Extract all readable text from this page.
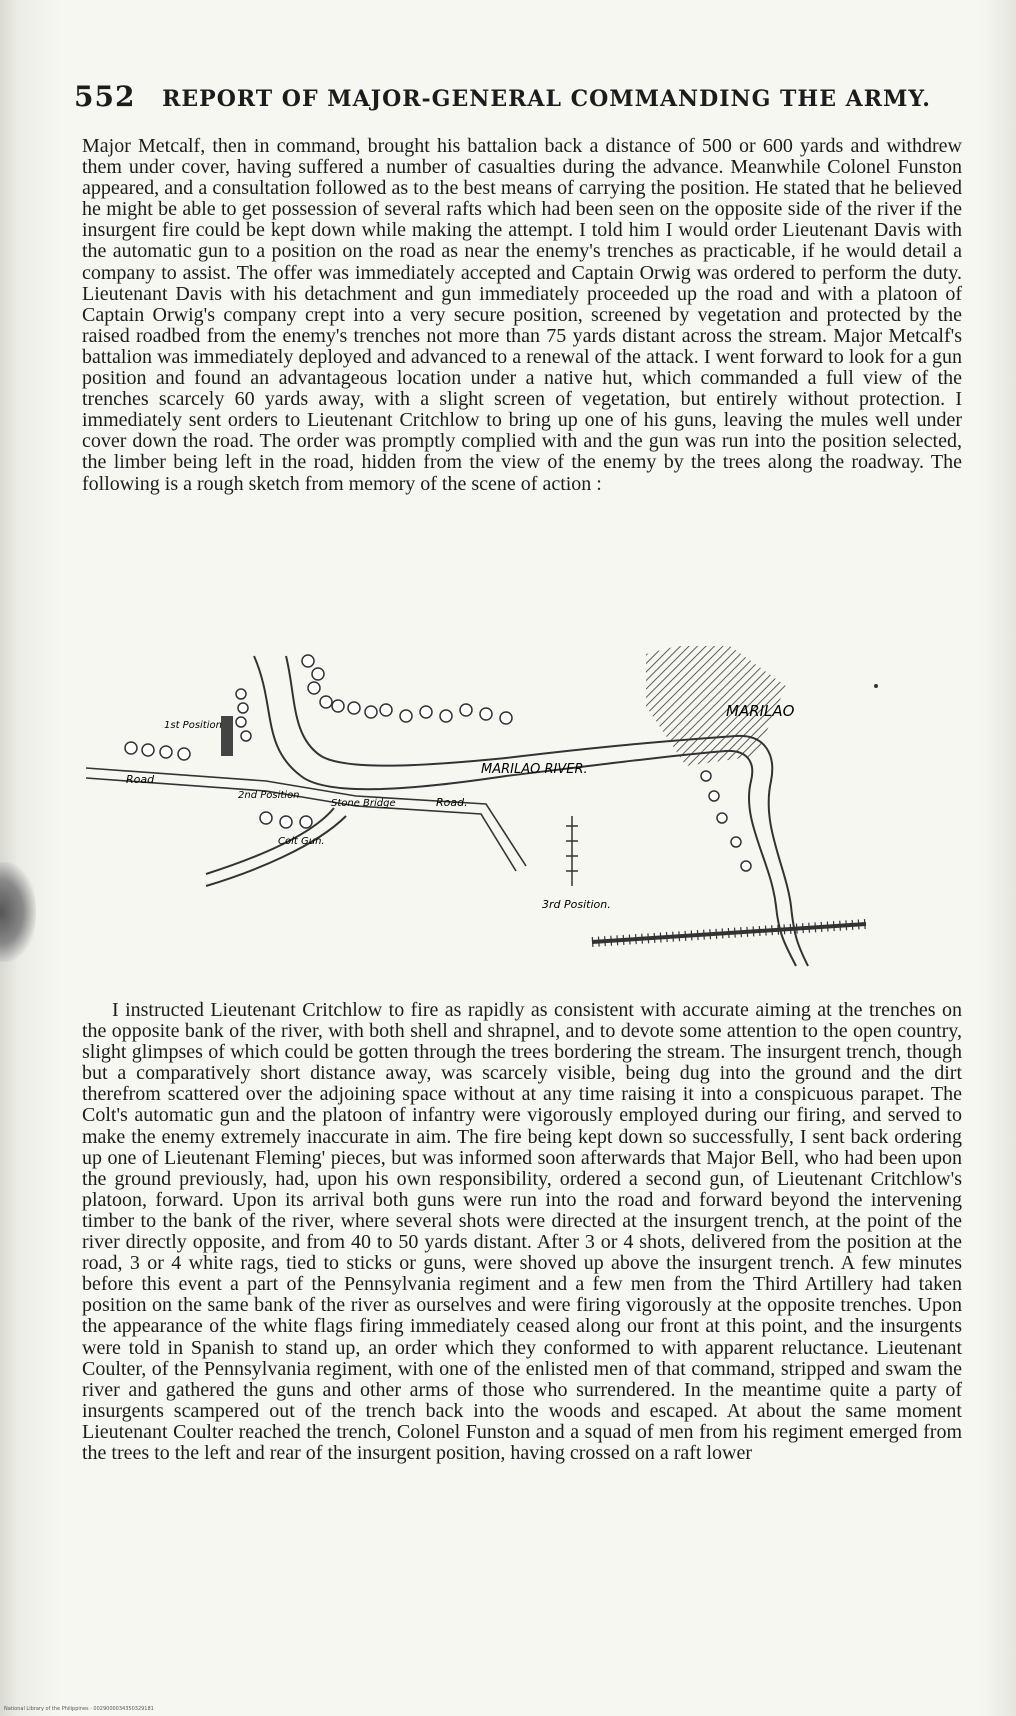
552 REPORT OF MAJOR-GENERAL COMMANDING THE ARMY.
Major Metcalf, then in command, brought his battalion back a distance of 500 or 600 yards and withdrew them under cover, having suffered a number of casualties during the advance. Meanwhile Colonel Funston appeared, and a consultation followed as to the best means of carrying the position. He stated that he believed he might be able to get possession of several rafts which had been seen on the opposite side of the river if the insurgent fire could be kept down while making the attempt. I told him I would order Lieutenant Davis with the automatic gun to a position on the road as near the enemy's trenches as practicable, if he would detail a company to assist. The offer was immediately accepted and Captain Orwig was ordered to perform the duty. Lieutenant Davis with his detachment and gun immediately proceeded up the road and with a platoon of Captain Orwig's company crept into a very secure position, screened by vegetation and protected by the raised roadbed from the enemy's trenches not more than 75 yards distant across the stream. Major Metcalf's battalion was immediately deployed and advanced to a renewal of the attack. I went forward to look for a gun position and found an advantageous location under a native hut, which commanded a full view of the trenches scarcely 60 yards away, with a slight screen of vegetation, but entirely without protection. I immediately sent orders to Lieutenant Critchlow to bring up one of his guns, leaving the mules well under cover down the road. The order was promptly complied with and the gun was run into the position selected, the limber being left in the road, hidden from the view of the enemy by the trees along the roadway. The following is a rough sketch from memory of the scene of action :
MARILAO
MARILAO RIVER.
Road
Road.
Stone Bridge
1st Position
2nd Position
Colt Gun.
3rd Position.
I instructed Lieutenant Critchlow to fire as rapidly as consistent with accurate aiming at the trenches on the opposite bank of the river, with both shell and shrapnel, and to devote some attention to the open country, slight glimpses of which could be gotten through the trees bordering the stream. The insurgent trench, though but a comparatively short distance away, was scarcely visible, being dug into the ground and the dirt therefrom scattered over the adjoining space without at any time raising it into a conspicuous parapet. The Colt's automatic gun and the platoon of infantry were vigorously employed during our firing, and served to make the enemy extremely inaccurate in aim. The fire being kept down so successfully, I sent back ordering up one of Lieutenant Fleming' pieces, but was informed soon afterwards that Major Bell, who had been upon the ground previously, had, upon his own responsibility, ordered a second gun, of Lieutenant Critchlow's platoon, forward. Upon its arrival both guns were run into the road and forward beyond the intervening timber to the bank of the river, where several shots were directed at the insurgent trench, at the point of the river directly opposite, and from 40 to 50 yards distant. After 3 or 4 shots, delivered from the position at the road, 3 or 4 white rags, tied to sticks or guns, were shoved up above the insurgent trench. A few minutes before this event a part of the Pennsylvania regiment and a few men from the Third Artillery had taken position on the same bank of the river as ourselves and were firing vigorously at the opposite trenches. Upon the appearance of the white flags firing immediately ceased along our front at this point, and the insurgents were told in Spanish to stand up, an order which they conformed to with apparent reluctance. Lieutenant Coulter, of the Pennsylvania regiment, with one of the enlisted men of that command, stripped and swam the river and gathered the guns and other arms of those who surrendered. In the meantime quite a party of insurgents scampered out of the trench back into the woods and escaped. At about the same moment Lieutenant Coulter reached the trench, Colonel Funston and a squad of men from his regiment emerged from the trees to the left and rear of the insurgent position, having crossed on a raft lower
National Library of the Philippines · 0029000034350329181
